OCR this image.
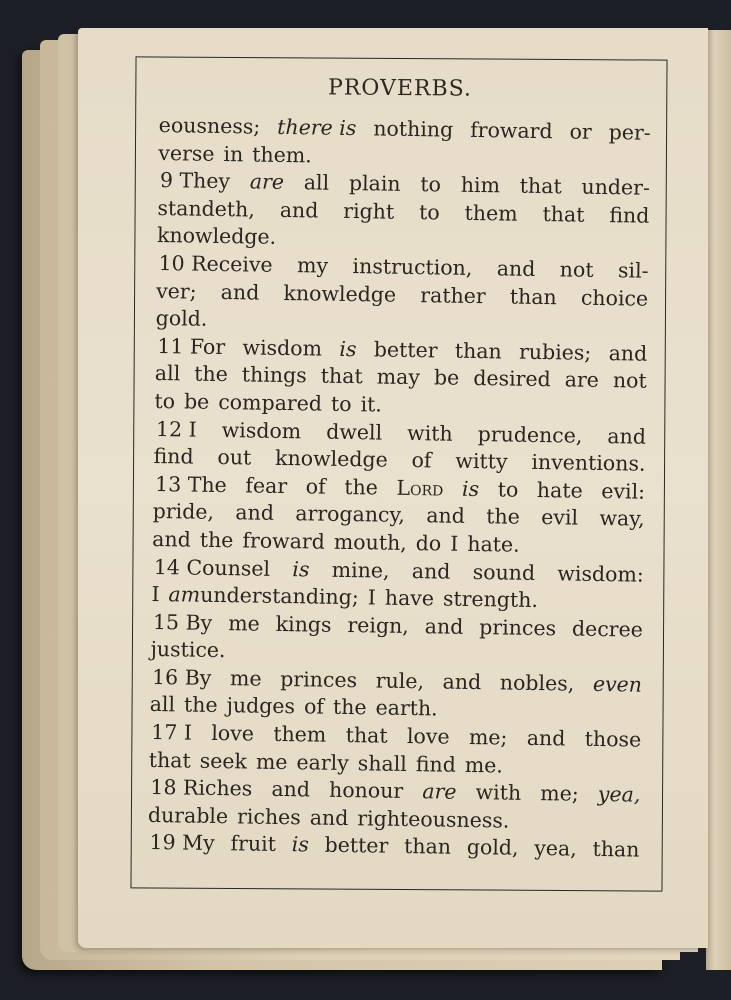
PROVERBS.
eousness; there is nothing froward or per-
verse in them.
9 They are all plain to him that under-
standeth, and right to them that find
knowledge.
10 Receive my instruction, and not sil-
ver; and knowledge rather than choice
gold.
11 For wisdom is better than rubies; and
all the things that may be desired are not
to be compared to it.
12 I wisdom dwell with prudence, and
find out knowledge of witty inventions.
13 The fear of the Lord is to hate evil:
pride, and arrogancy, and the evil way,
and the froward mouth, do I hate.
14 Counsel is mine, and sound wisdom:
I am understanding; I have strength.
15 By me kings reign, and princes decree
justice.
16 By me princes rule, and nobles, even
all the judges of the earth.
17 I love them that love me; and those
that seek me early shall find me.
18 Riches and honour are with me; yea,
durable riches and righteousness.
19 My fruit is better than gold, yea, than
